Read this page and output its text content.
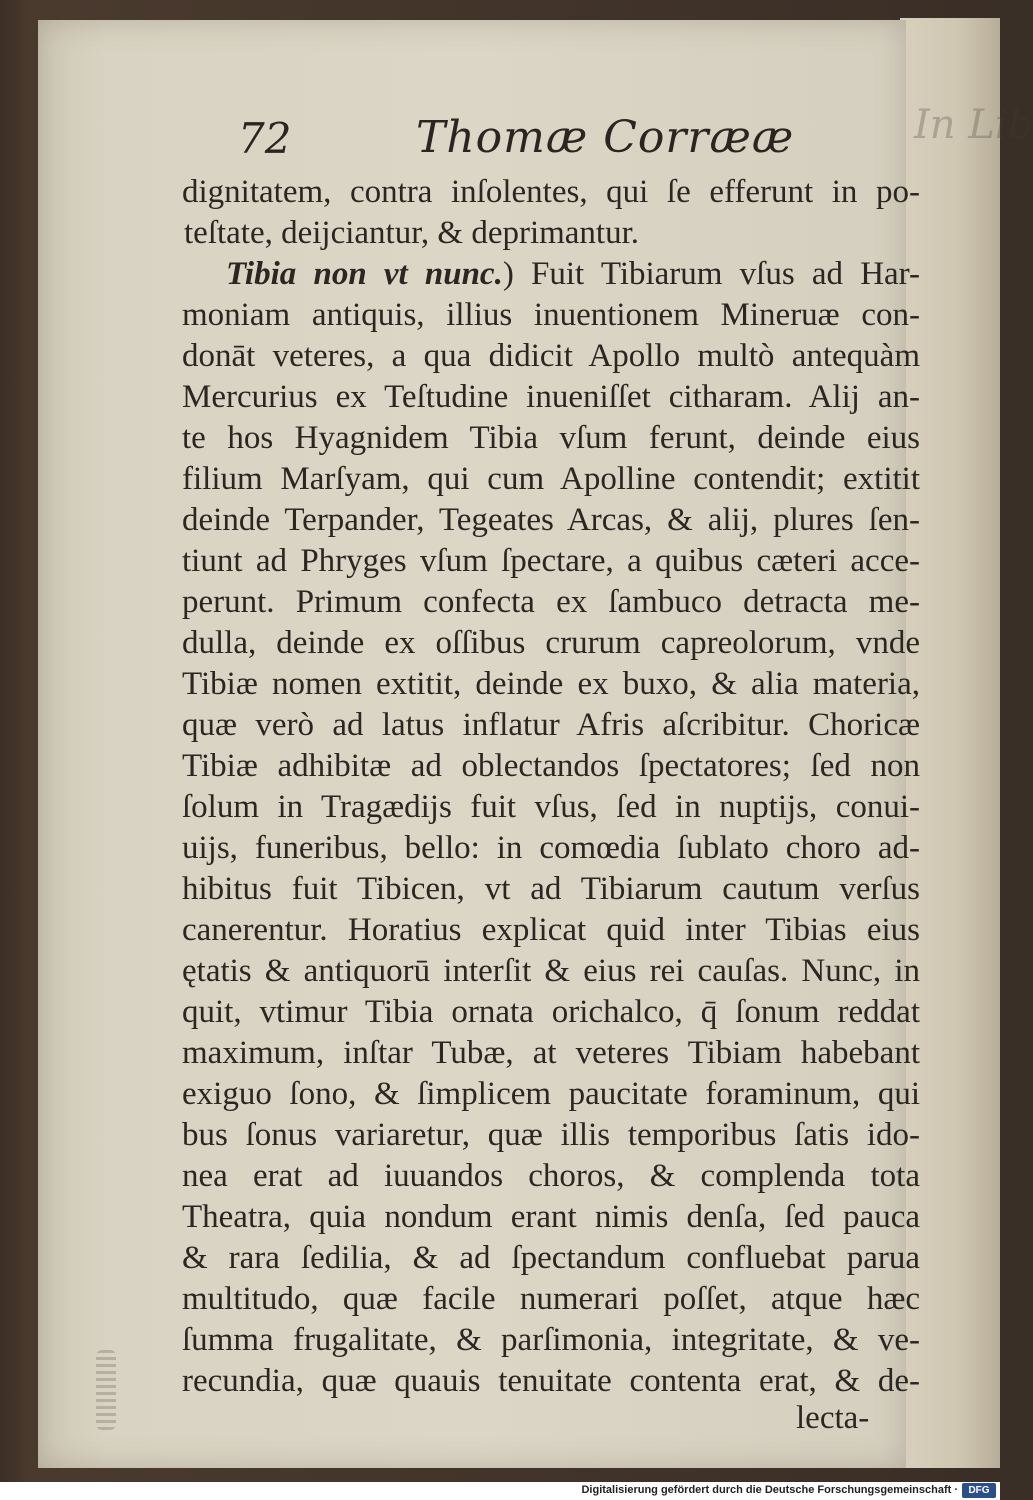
In Lib
72	Thomæ Corrææ
dignitatem, contra inſolentes, qui ſe efferunt in po-
teſtate, deijciantur, & deprimantur.
Tibia non vt nunc.) Fuit Tibiarum vſus ad Har-
moniam antiquis, illius inuentionem Mineruæ con-
donāt veteres, a qua didicit Apollo multò antequàm
Mercurius ex Teſtudine inueniſſet citharam. Alij an-
te hos Hyagnidem Tibia vſum ferunt, deinde eius
filium Marſyam, qui cum Apolline contendit; extitit
deinde Terpander, Tegeates Arcas, & alij, plures ſen-
tiunt ad Phryges vſum ſpectare, a quibus cæteri acce-
perunt. Primum confecta ex ſambuco detracta me-
dulla, deinde ex oſſibus crurum capreolorum, vnde
Tibiæ nomen extitit, deinde ex buxo, & alia materia,
quæ verò ad latus inflatur Afris aſcribitur. Choricæ
Tibiæ adhibitæ ad oblectandos ſpectatores; ſed non
ſolum in Tragædijs fuit vſus, ſed in nuptijs, conui-
uijs, funeribus, bello: in comœdia ſublato choro ad-
hibitus fuit Tibicen, vt ad Tibiarum cautum verſus
canerentur. Horatius explicat quid inter Tibias eius
ętatis & antiquorū interſit & eius rei cauſas. Nunc, in
quit, vtimur Tibia ornata orichalco, q̄ ſonum reddat
maximum, inſtar Tubæ, at veteres Tibiam habebant
exiguo ſono, & ſimplicem paucitate foraminum, qui
bus ſonus variaretur, quæ illis temporibus ſatis ido-
nea erat ad iuuandos choros, & complenda tota
Theatra, quia nondum erant nimis denſa, ſed pauca
& rara ſedilia, & ad ſpectandum confluebat parua
multitudo, quæ facile numerari poſſet, atque hæc
ſumma frugalitate, & parſimonia, integritate, & ve-
recundia, quæ quauis tenuitate contenta erat, & de-
lecta-
Digitalisierung gefördert durch die Deutsche Forschungsgemeinschaft ·	DFG
